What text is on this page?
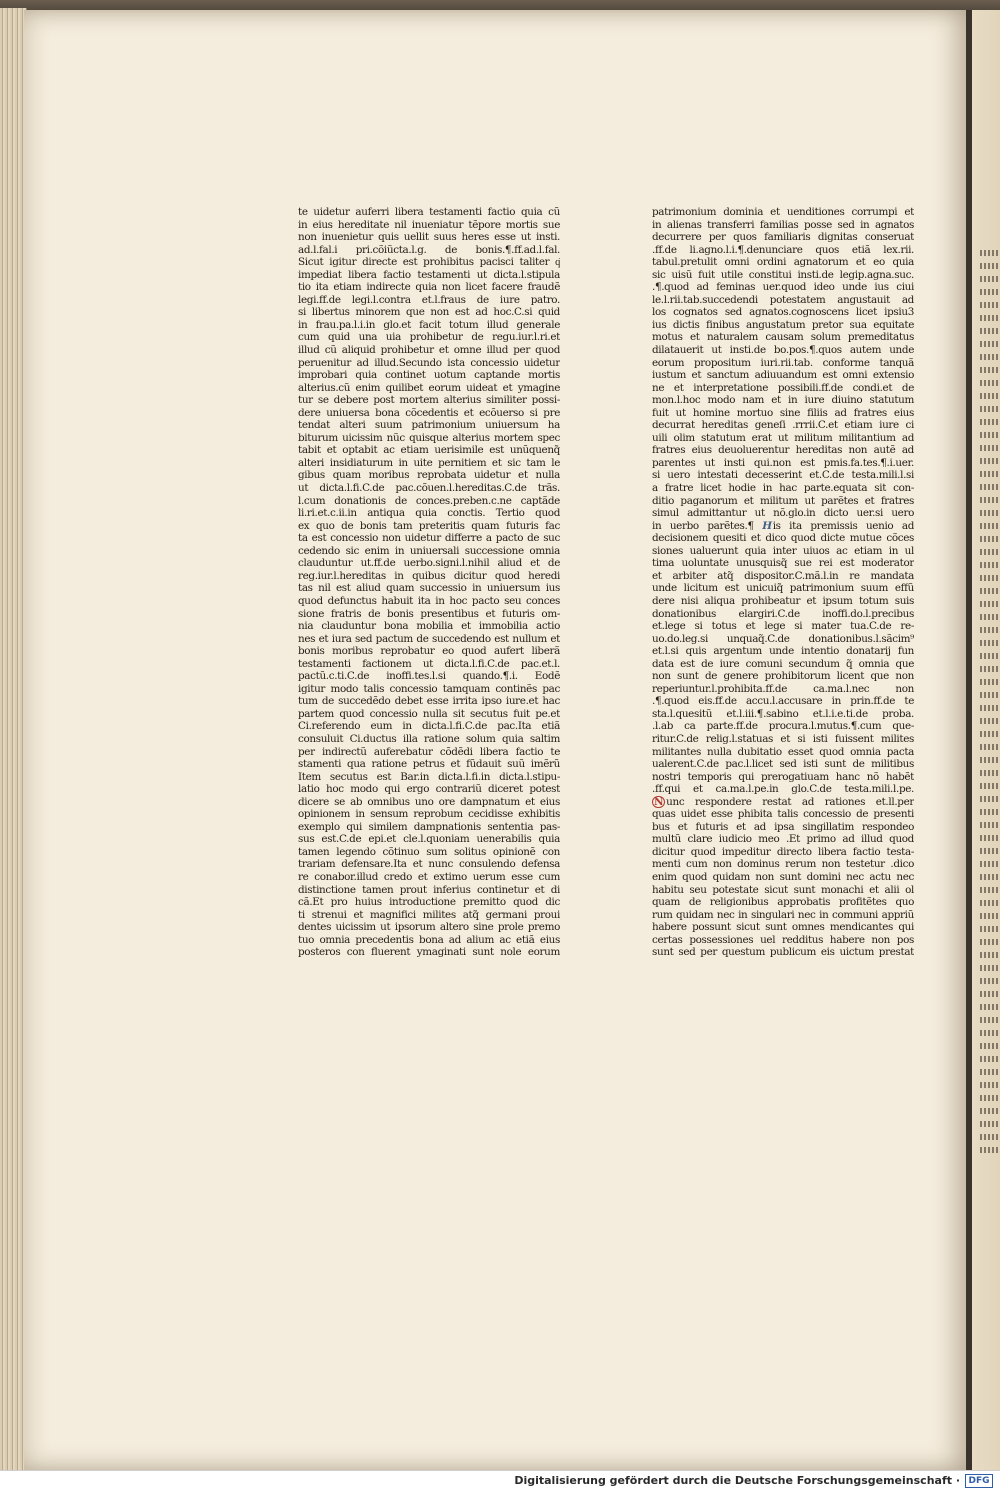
te uidetur auferri libera testamenti factio quia cũ
in eius hereditate nil inueniatur tẽpore mortis sue
non inuenietur quis uellit suus heres esse ut insti.
ad.l.fal.i pri.cõiũcta.l.g. de bonis.¶.ff.ad.l.fal.
Sicut igitur directe est prohibitus pacisci taliter q͂
impediat libera factio testamenti ut dicta.l.stipula
tio ita etiam indirecte quia non licet facere fraudẽ
legi.ff.de legi.l.contra et.l.fraus de iure patro.
si libertus minorem que non est ad hoc.C.si quid
in frau.pa.l.i.in glo.et facit totum illud generale
cum quid una uia prohibetur de regu.iur.l.ri.et
illud cũ aliquid prohibetur et omne illud per quod
peruenitur ad illud.Secundo ista concessio uidetur
improbari quia continet uotum captande mortis
alterius.cũ enim quilibet eorum uideat et ymagine
tur se debere post mortem alterius similiter possi-
dere uniuersa bona cõcedentis et ecõuerso si pre
tendat alteri suum patrimonium uniuersum ha
biturum uicissim nũc quisque alterius mortem spec
tabit et optabit ac etiam uerisimile est unũquenq̃
alteri insidiaturum in uite pernitiem et sic tam le
gibus quam moribus reprobata uidetur et nulla
ut dicta.l.fi.C.de pac.cõuen.l.hereditas.C.de trãs.
l.cum donationis de conces.preben.c.ne captãde
li.ri.et.c.ii.in antiqua quia conctis. Tertio quod
ex quo de bonis tam preteritis quam futuris fac
ta est concessio non uidetur differre a pacto de suc
cedendo sic enim in uniuersali successione omnia
clauduntur ut.ff.de uerbo.signi.l.nihil aliud et de
reg.iur.l.hereditas in quibus dicitur quod heredi
tas nil est aliud quam successio in uniuersum ius
quod defunctus habuit ita in hoc pacto seu conces
sione fratris de bonis presentibus et futuris om-
nia clauduntur bona mobilia et immobilia actio
nes et iura sed pactum de succedendo est nullum et
bonis moribus reprobatur eo quod aufert liberã
testamenti factionem ut dicta.l.fi.C.de pac.et.l.
pactũ.c.ti.C.de inoffi.tes.l.si quando.¶.i. Eodẽ
igitur modo talis concessio tamquam continẽs pac
tum de succedẽdo debet esse irrita ipso iure.et hac
partem quod concessio nulla sit secutus fuit pe.et
Ci.referendo eum in dicta.l.fi.C.de pac.Ita etiã
consuluit Ci.ductus illa ratione solum quia saltim
per indirectũ auferebatur cõdẽdi libera factio te
stamenti qua ratione petrus et fũdauit suũ imẽrũ
Item secutus est Bar.in dicta.l.fi.in dicta.l.stipu-
latio hoc modo qui ergo contrariũ diceret potest
dicere se ab omnibus uno ore dampnatum et eius
opinionem in sensum reprobum cecidisse exhibitis
exemplo qui similem dampnationis sententia pas-
sus est.C.de epi.et cle.l.quoniam uenerabilis quia
tamen legendo cõtinuo sum solitus opinionẽ con
trariam defensare.Ita et nunc consulendo defensa
re conabor.illud credo et extimo uerum esse cum
distinctione tamen prout inferius continetur et di
cã.Et pro huius introductione premitto quod dic
ti strenui et magnifici milites atq̃ germani proui
dentes uicissim ut ipsorum altero sine prole premo
tuo omnia precedentis bona ad alium ac etiã eius
posteros con fluerent ymaginati sunt nole eorum
patrimonium dominia et uenditiones corrumpi et
in alienas transferri familias posse sed in agnatos
decurrere per quos familiaris dignitas conseruat
.ff.de li.agno.l.i.¶.denunciare quos etiã lex.rii.
tabul.pretulit omni ordini agnatorum et eo quia
sic uisũ fuit utile constitui insti.de legip.agna.suc.
.¶.quod ad feminas uer.quod ideo unde ius ciui
le.l.rii.tab.succedendi potestatem angustauit ad
los cognatos sed agnatos.cognoscens licet ipsiu3
ius dictis finibus angustatum pretor sua equitate
motus et naturalem causam solum premeditatus
dilatauerit ut insti.de bo.pos.¶.quos autem unde
eorum propositum iuri.rii.tab. conforme tanquã
iustum et sanctum adiuuandum est omni extensio
ne et interpretatione possibili.ff.de condi.et de
mon.l.hoc modo nam et in iure diuino statutum
fuit ut homine mortuo sine filiis ad fratres eius
decurrat hereditas geneſi .rrrii.C.et etiam iure ci
uili olim statutum erat ut militum militantium ad
fratres eius deuoluerentur hereditas non autẽ ad
parentes ut insti qui.non est pmis.fa.tes.¶.i.uer.
si uero intestati decesserint et.C.de testa.mili.l.si
a fratre licet hodie in hac parte.equata sit con-
ditio paganorum et militum ut parẽtes et fratres
simul admittantur ut nõ.glo.in dicto uer.si uero
in uerbo parẽtes.¶ His ita premissis uenio ad
decisionem quesiti et dico quod dicte mutue cõces
siones ualuerunt quia inter uiuos ac etiam in ul
tima uoluntate unusquisq̃ sue rei est moderator
et arbiter atq̃ dispositor.C.mã.l.in re mandata
unde licitum est unicuiq̃ patrimonium suum effũ
dere nisi aliqua prohibeatur et ipsum totum suis
donationibus elargiri.C.de inoffi.do.l.precibus
et.lege si totus et lege si mater tua.C.de re-
uo.do.leg.si unquaq̃.C.de donationibus.l.sãcim⁹
et.l.si quis argentum unde intentio donatarij fun
data est de iure comuni secundum q̃ omnia que
non sunt de genere prohibitorum licent que non
reperiuntur.l.prohibita.ff.de ca.ma.l.nec non
.¶.quod eis.ff.de accu.l.accusare in prin.ff.de te
sta.l.quesitũ et.l.iii.¶.sabino et.l.i.e.ti.de proba.
.l.ab ca parte.ff.de procura.l.mutus.¶.cum que-
ritur.C.de relig.l.statuas et si isti fuissent milites
militantes nulla dubitatio esset quod omnia pacta
ualerent.C.de pac.l.licet sed isti sunt de militibus
nostri temporis qui prerogatiuam hanc nõ habẽt
.ff.qui et ca.ma.l.pe.in glo.C.de testa.mili.l.pe.
N unc respondere restat ad rationes et.ll.per
quas uidet esse phibita talis concessio de presenti
bus et futuris et ad ipsa singillatim respondeo
multũ clare iudicio meo .Et primo ad illud quod
dicitur quod impeditur directo libera factio testa-
menti cum non dominus rerum non testetur .dico
enim quod quidam non sunt domini nec actu nec
habitu seu potestate sicut sunt monachi et alii ol
quam de religionibus approbatis profitẽtes quo
rum quidam nec in singulari nec in communi appriũ
habere possunt sicut sunt omnes mendicantes qui
certas possessiones uel redditus habere non pos
sunt sed per questum publicum eis uictum prestat
Digitalisierung gefördert durch die Deutsche Forschungsgemeinschaft · DFG
